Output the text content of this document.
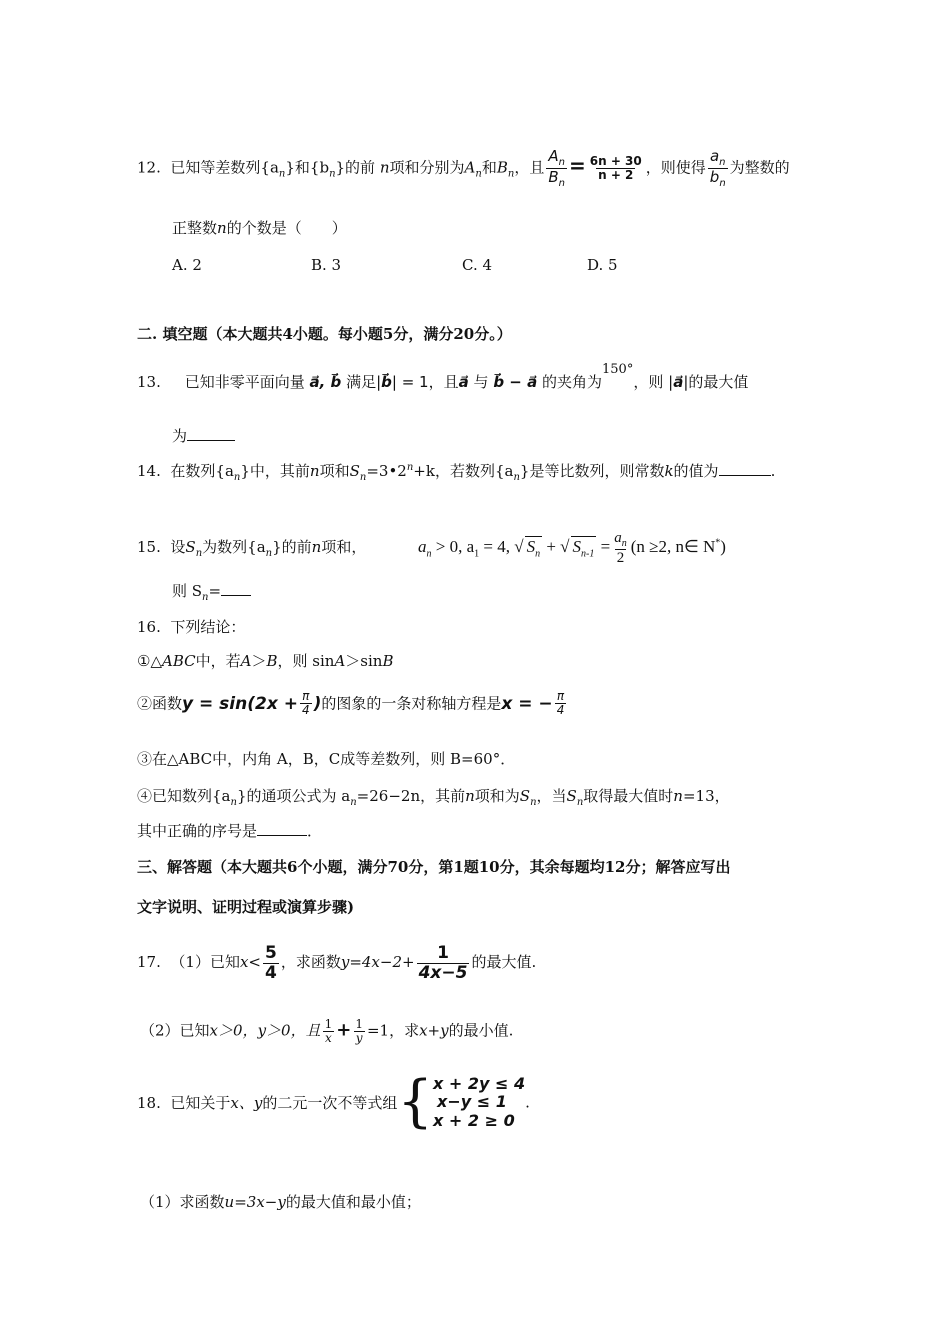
12. 已知等差数列$\{a_n\}$和$\{b_n\}$的前 n项和分别为$A_n$和$B_n$，且 $\frac{A_n}{B_n} = \frac{6n + 30}{n + 2}$ ，则使得 $\frac{a_n}{b_n}$ 为整数的
正整数n的个数是（　　）
A. 2	B. 3	C. 4	D. 5
二. 填空题（本大题共4小题。每小题5分，满分20分。）
13. 已知非零平面向量 a⃗, b⃗ 满足|b⃗| = 1，且a⃗ 与 b⃗ − a⃗ 的夹角为150°，则 |a⃗|的最大值
为
14. 在数列$\{a_n\}$中，其前n项和$S_n=3•2^n+k$，若数列$\{a_n\}$是等比数列，则常数k的值为	.
15. 设$S_n$为数列$\{a_n\}$的前n项和，	$a_n > 0$, $a_1 = 4$, √ $S_n$ + √ $S_{n-1} = \frac{a_n}{2} (n \ge 2$, n∈ N*)
则 $S_n=$
16. 下列结论：
①△ABC中，若A＞B，则 sinA＞sinB
②函数$y = \sin(2x + \frac{\pi}{4}$ )的图象的一条对称轴方程是x = − $\frac{\pi}{4}$
③在△ABC中，内角 A，B，C成等差数列，则 B=60°．
④已知数列$\{a_n\}$的通项公式为 $a_n=26-2n$，其前n项和为$S_n$，当$S_n$取得最大值时n=13，
其中正确的序号是	．
三、解答题（本大题共6个小题，满分70分，第1题10分，其余每题均12分；解答应写出
文字说明、证明过程或演算步骤)
17. （1）已知$x< \frac{5}{4}$ ，求函数$y=4x-2+ \frac{1}{4x-5}$ 的最大值.
（2）已知x＞0，y＞0，且 $\frac{1}{x} + \frac{1}{y} =1$，求x+y的最小值.
18. 已知关于x、y的二元一次不等式组{ x + 2y ≤ 4
x−y ≤ 1
x + 2 ≥ 0
.
（1）求函数u=3x−y的最大值和最小值；
